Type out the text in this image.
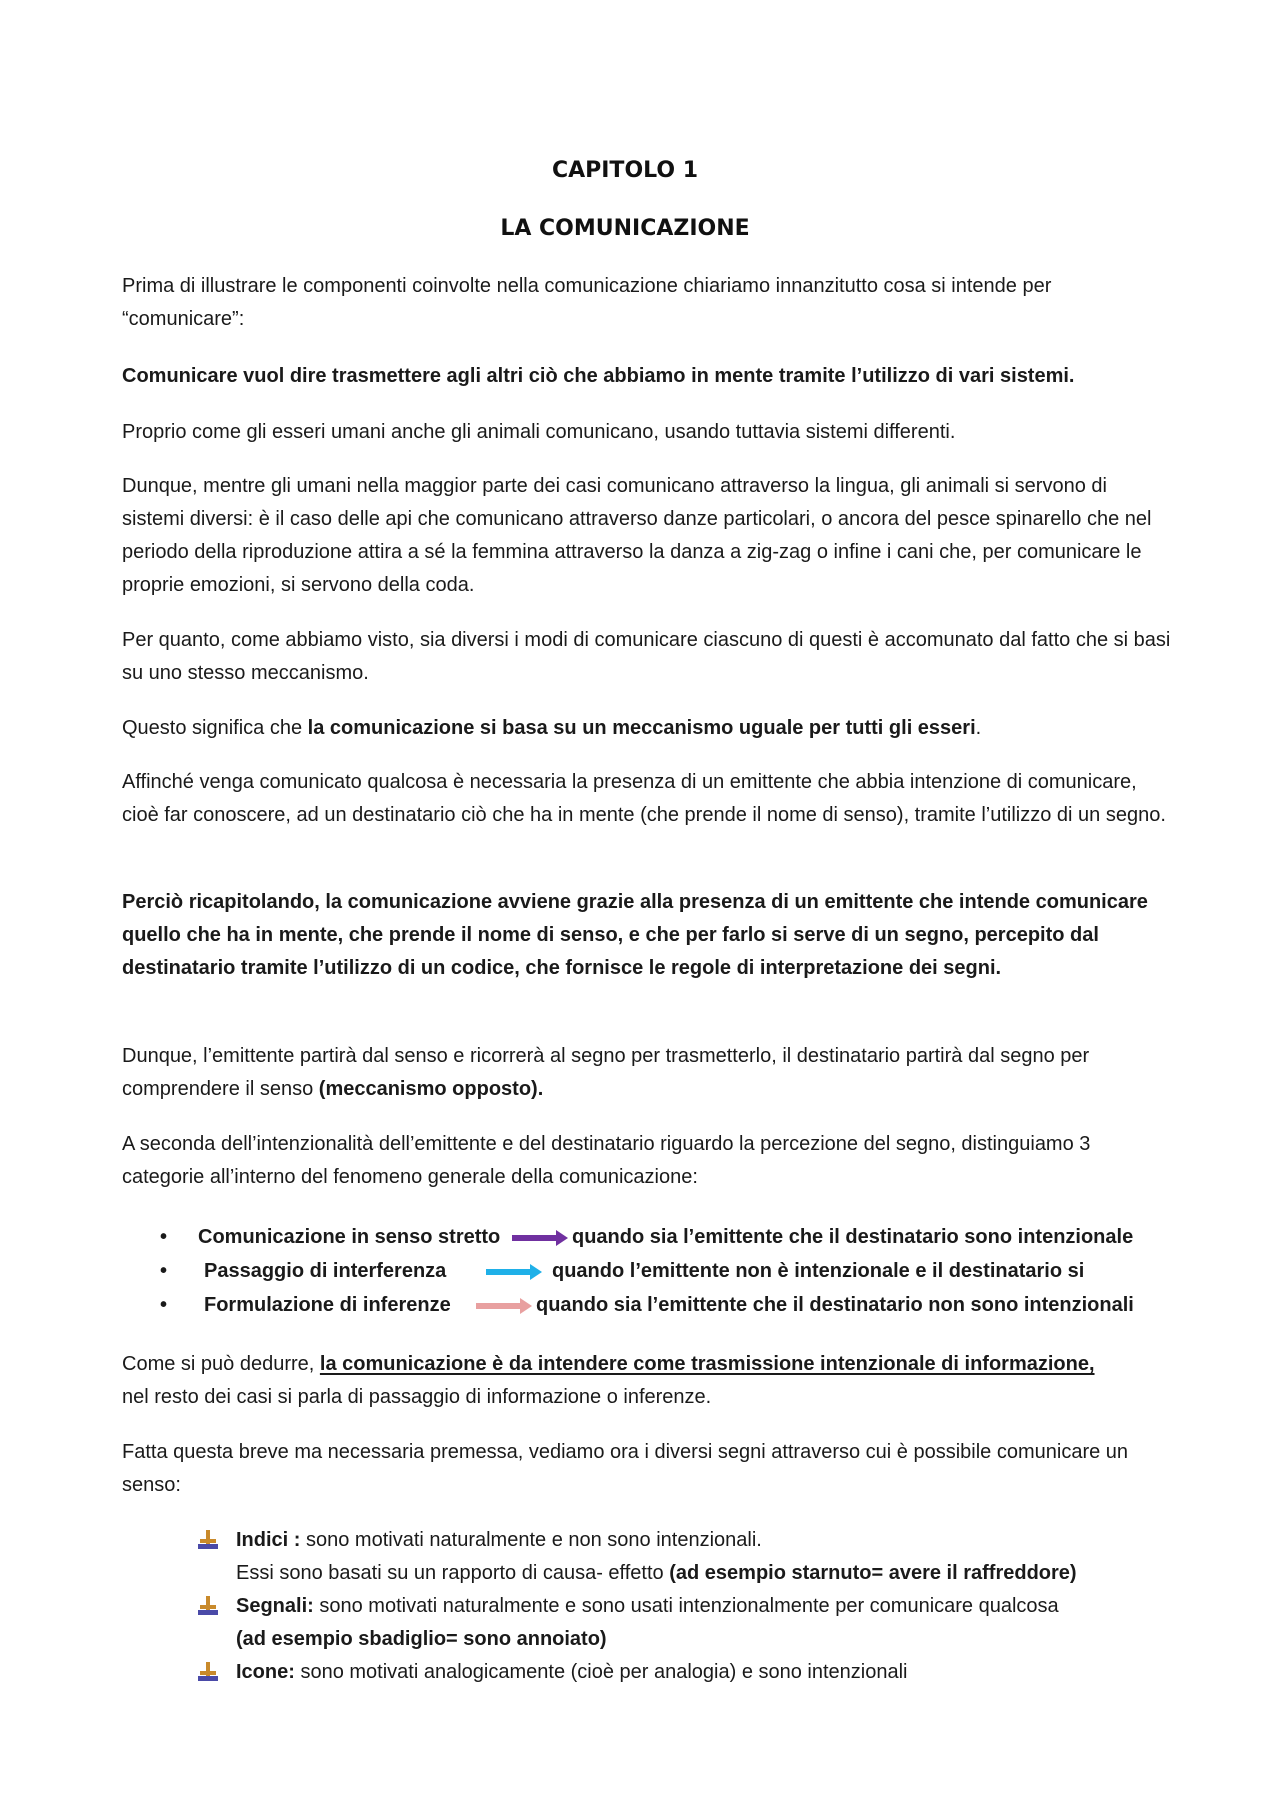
CAPITOLO 1
LA COMUNICAZIONE

Prima di illustrare le componenti coinvolte nella comunicazione chiariamo innanzitutto cosa si intende per “comunicare”:

Comunicare vuol dire trasmettere agli altri ciò che abbiamo in mente tramite l’utilizzo di vari sistemi.

Proprio come gli esseri umani anche gli animali comunicano, usando tuttavia sistemi differenti.

Dunque, mentre gli umani nella maggior parte dei casi comunicano attraverso la lingua, gli animali si servono di sistemi diversi: è il caso delle api che comunicano attraverso danze particolari, o ancora del pesce spinarello che nel periodo della riproduzione attira a sé la femmina attraverso la danza a zig-zag o infine i cani che, per comunicare le proprie emozioni, si servono della coda.

Per quanto, come abbiamo visto, sia diversi i modi di comunicare ciascuno di questi è accomunato dal fatto che si basi su uno stesso meccanismo.

Questo significa che la comunicazione si basa su un meccanismo uguale per tutti gli esseri.

Affinché venga comunicato qualcosa è necessaria la presenza di un emittente che abbia intenzione di comunicare, cioè far conoscere, ad un destinatario ciò che ha in mente (che prende il nome di senso), tramite l’utilizzo di un segno.

Perciò ricapitolando, la comunicazione avviene grazie alla presenza di un emittente che intende comunicare quello che ha in mente, che prende il nome di senso, e che per farlo si serve di un segno, percepito dal destinatario tramite l’utilizzo di un codice, che fornisce le regole di interpretazione dei segni.

Dunque, l’emittente partirà dal senso e ricorrerà al segno per trasmetterlo, il destinatario partirà dal segno per comprendere il senso (meccanismo opposto).

A seconda dell’intenzionalità dell’emittente e del destinatario riguardo la percezione del segno, distinguiamo 3 categorie all’interno del fenomeno generale della comunicazione:

• Comunicazione in senso stretto	quando sia l’emittente che il destinatario sono intenzionale
• Passaggio di interferenza	quando l’emittente non è intenzionale e il destinatario si
• Formulazione di inferenze	quando sia l’emittente che il destinatario non sono intenzionali

Come si può dedurre, la comunicazione è da intendere come trasmissione intenzionale di informazione,
nel resto dei casi si parla di passaggio di informazione o inferenze.

Fatta questa breve ma necessaria premessa, vediamo ora i diversi segni attraverso cui è possibile comunicare un senso:

Indici : sono motivati naturalmente e non sono intenzionali.
Essi sono basati su un rapporto di causa- effetto (ad esempio starnuto= avere il raffreddore)
Segnali: sono motivati naturalmente e sono usati intenzionalmente per comunicare qualcosa
(ad esempio sbadiglio= sono annoiato)
Icone: sono motivati analogicamente (cioè per analogia) e sono intenzionali
